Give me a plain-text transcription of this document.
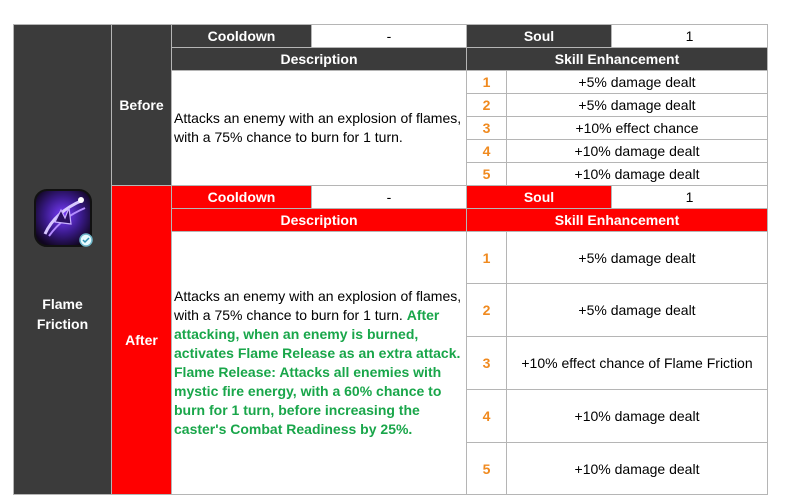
Flame
Friction	Before	Cooldown	-	Soul		1
		Description		Skill Enhancement		
		Attacks an enemy with an explosion of flames, with a 75% chance to burn for 1 turn.		1	+5% damage dealt	
				2	+5% damage dealt	
				3	+10% effect chance	
				4	+10% damage dealt	
				5	+10% damage dealt	
	After	Cooldown	-	Soul		1
		Description		Skill Enhancement		
		Attacks an enemy with an explosion of flames, with a 75% chance to burn for 1 turn. After attacking, when an enemy is burned, activates Flame Release as an extra attack.
Flame Release: Attacks all enemies with mystic fire energy, with a 60% chance to burn for 1 turn, before increasing the caster's Combat Readiness by 25%.		1	+5% damage dealt	
				2	+5% damage dealt	
				3	+10% effect chance of Flame Friction	
				4	+10% damage dealt	
				5	+10% damage dealt	
